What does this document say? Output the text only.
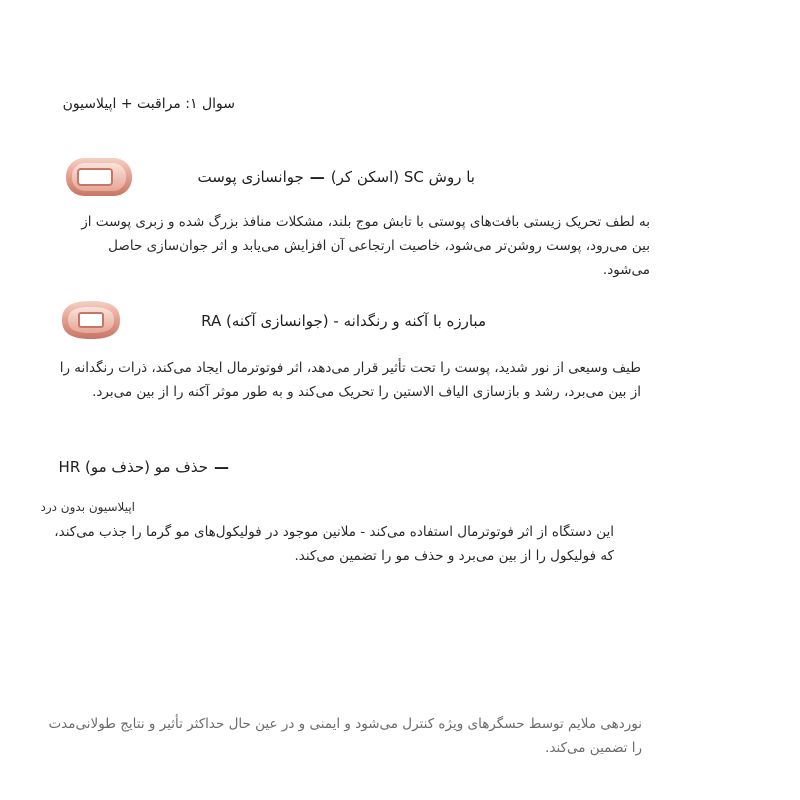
سوال ۱: مراقبت + اپیلاسیون
با روش SC (اسکن کر)—جوانسازی پوست
به لطف تحریک زیستی بافت‌های پوستی با تابش موج بلند، مشکلات منافذ بزرگ شده و زبری پوست از بین می‌رود، پوست روشن‌تر می‌شود، خاصیت ارتجاعی آن افزایش می‌یابد و اثر جوان‌سازی حاصل می‌شود.
RA (جوانسازی آکنه) - مبارزه با آکنه و رنگدانه
طیف وسیعی از نور شدید، پوست را تحت تأثیر قرار می‌دهد، اثر فوتوترمال ایجاد می‌کند، ذرات رنگدانه را از بین می‌برد، رشد و بازسازی الیاف الاستین را تحریک می‌کند و به طور موثر آکنه را از بین می‌برد.
HR (حذف مو) حذف مو —
اپیلاسیون بدون درد
این دستگاه از اثر فوتوترمال استفاده می‌کند - ملانین موجود در فولیکول‌های مو گرما را جذب می‌کند، که فولیکول را از بین می‌برد و حذف مو را تضمین می‌کند.
نوردهی ملایم توسط حسگرهای ویژه کنترل می‌شود و ایمنی و در عین حال حداکثر تأثیر و نتایج طولانی‌مدت را تضمین می‌کند.
